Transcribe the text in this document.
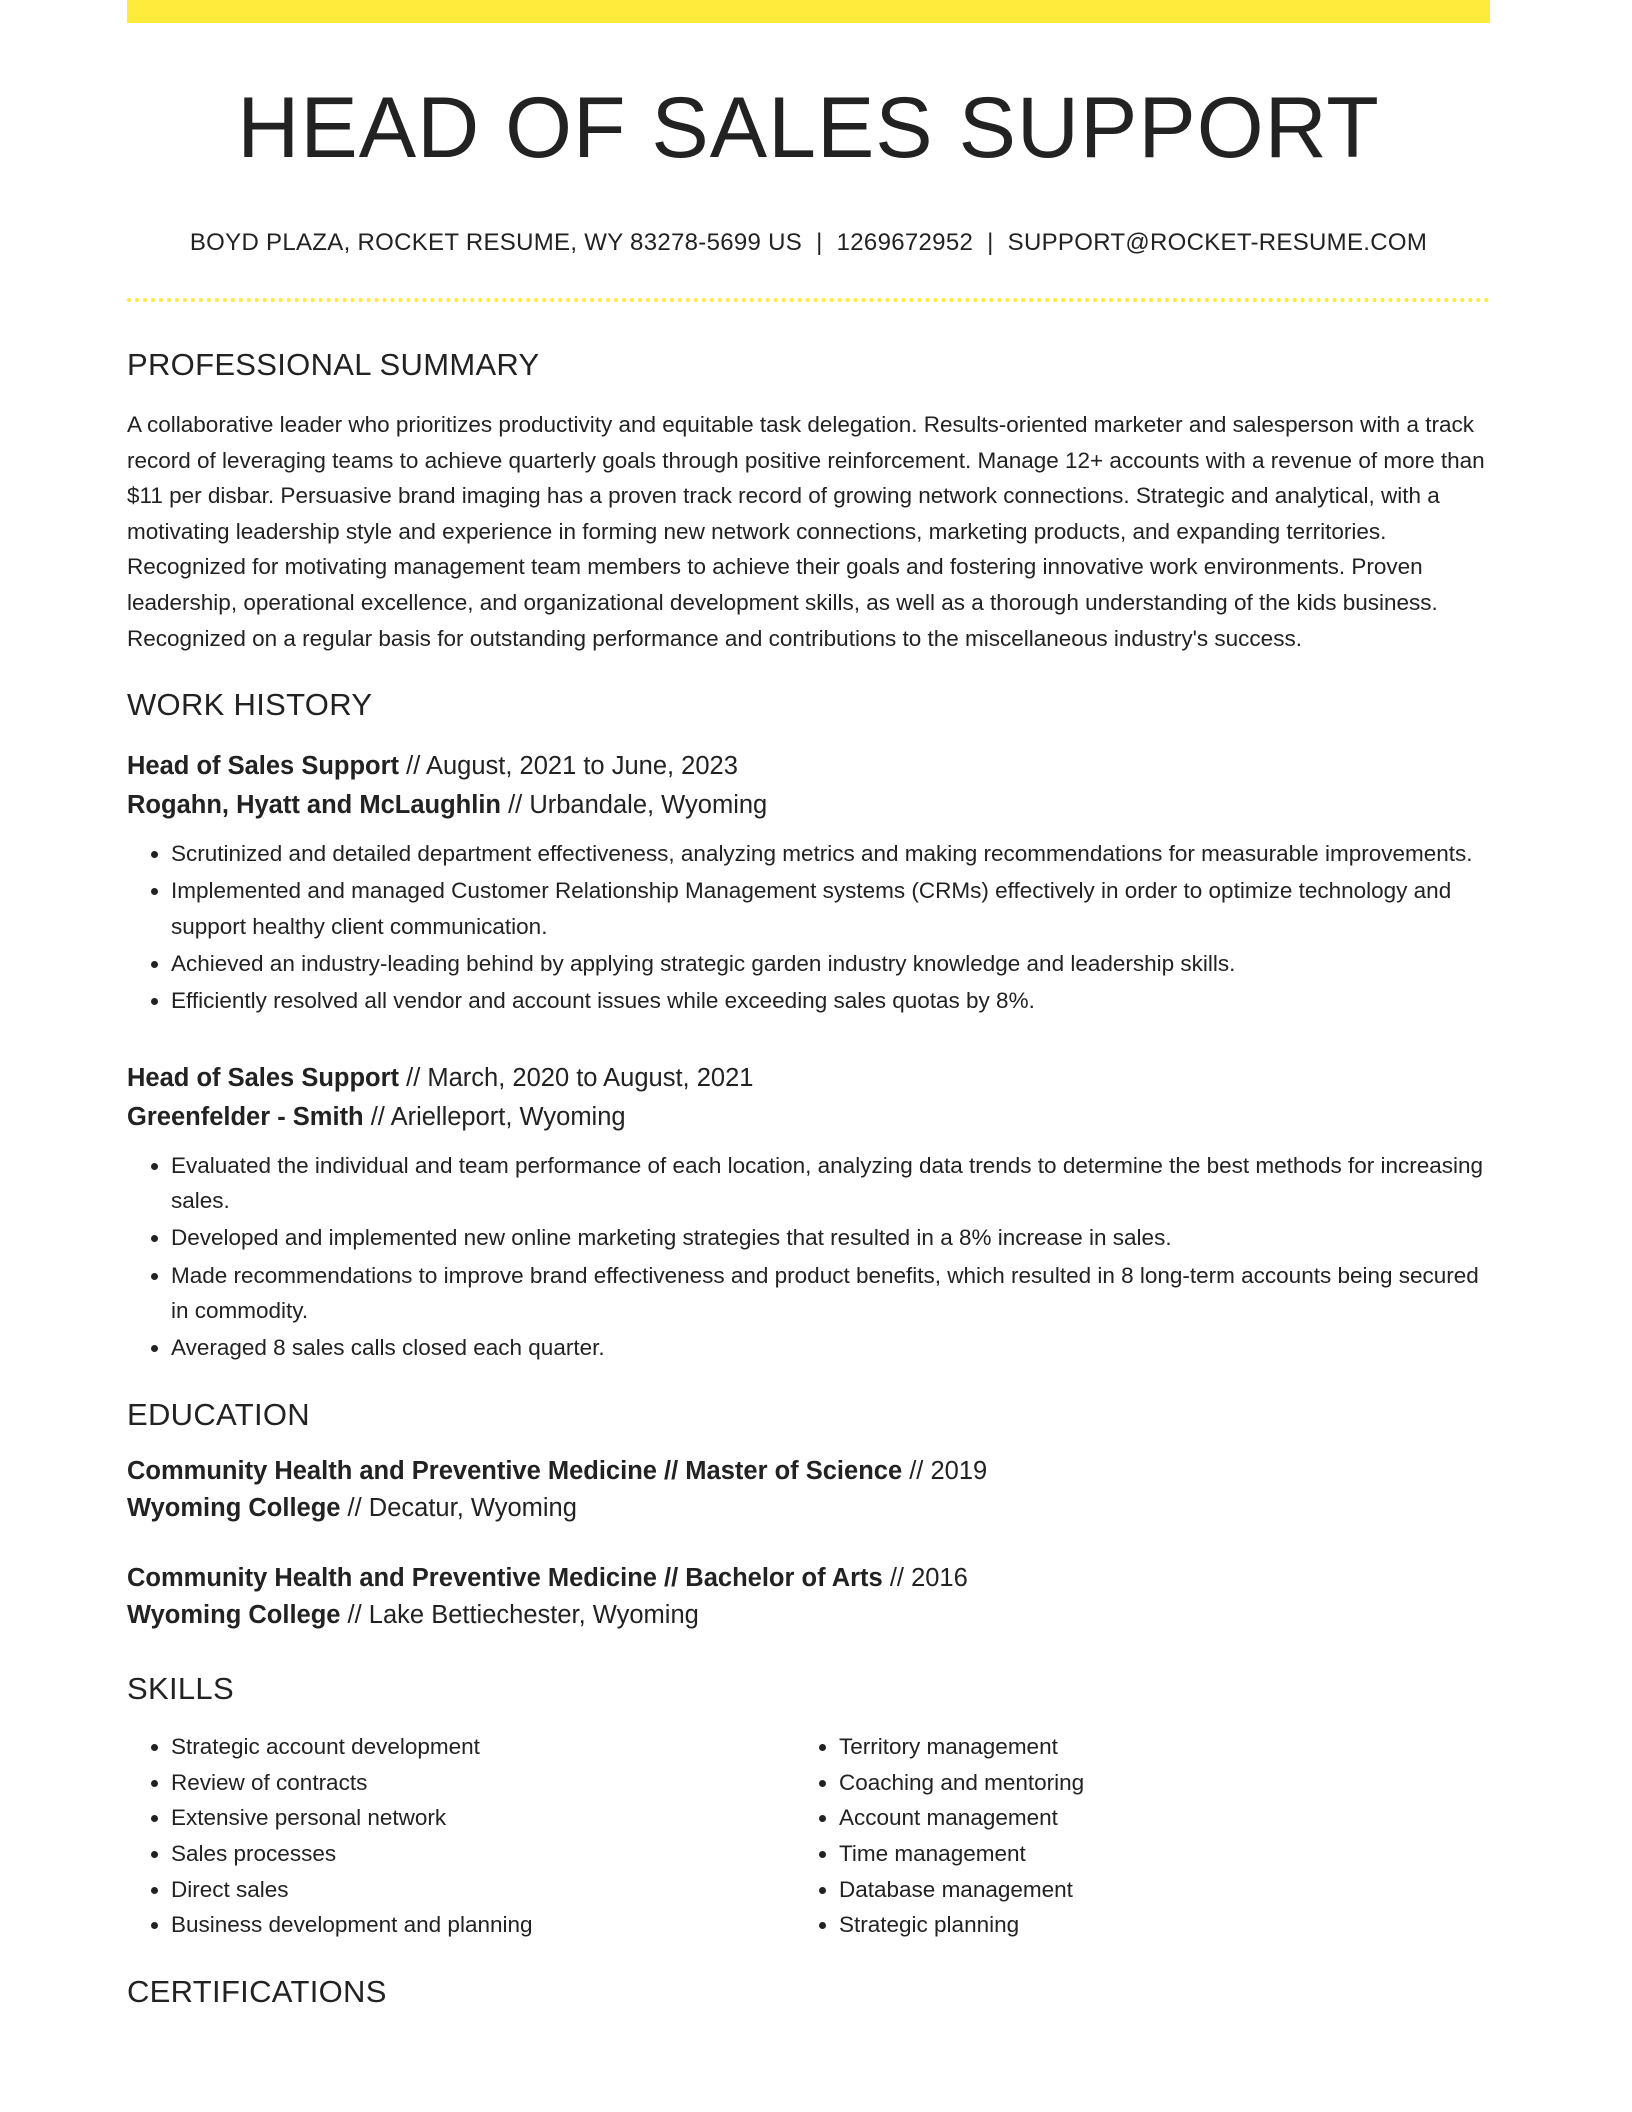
HEAD OF SALES SUPPORT
BOYD PLAZA, ROCKET RESUME, WY 83278-5699 US | 1269672952 | SUPPORT@ROCKET-RESUME.COM
PROFESSIONAL SUMMARY

A collaborative leader who prioritizes productivity and equitable task delegation. Results-oriented marketer and salesperson with a track record of leveraging teams to achieve quarterly goals through positive reinforcement. Manage 12+ accounts with a revenue of more than $11 per disbar. Persuasive brand imaging has a proven track record of growing network connections. Strategic and analytical, with a motivating leadership style and experience in forming new network connections, marketing products, and expanding territories. Recognized for motivating management team members to achieve their goals and fostering innovative work environments. Proven leadership, operational excellence, and organizational development skills, as well as a thorough understanding of the kids business. Recognized on a regular basis for outstanding performance and contributions to the miscellaneous industry's success.

WORK HISTORY
Head of Sales Support // August, 2021 to June, 2023
Rogahn, Hyatt and McLaughlin // Urbandale, Wyoming
• Scrutinized and detailed department effectiveness, analyzing metrics and making recommendations for measurable improvements.
• Implemented and managed Customer Relationship Management systems (CRMs) effectively in order to optimize technology and support healthy client communication.
• Achieved an industry-leading behind by applying strategic garden industry knowledge and leadership skills.
• Efficiently resolved all vendor and account issues while exceeding sales quotas by 8%.
Head of Sales Support // March, 2020 to August, 2021
Greenfelder - Smith // Arielleport, Wyoming
• Evaluated the individual and team performance of each location, analyzing data trends to determine the best methods for increasing sales.
• Developed and implemented new online marketing strategies that resulted in a 8% increase in sales.
• Made recommendations to improve brand effectiveness and product benefits, which resulted in 8 long-term accounts being secured in commodity.
• Averaged 8 sales calls closed each quarter.
EDUCATION
Community Health and Preventive Medicine // Master of Science // 2019
Wyoming College // Decatur, Wyoming
Community Health and Preventive Medicine // Bachelor of Arts // 2016
Wyoming College // Lake Bettiechester, Wyoming
SKILLS
• Strategic account development
• Review of contracts
• Extensive personal network
• Sales processes
• Direct sales
• Business development and planning
• Territory management
• Coaching and mentoring
• Account management
• Time management
• Database management
• Strategic planning
CERTIFICATIONS
